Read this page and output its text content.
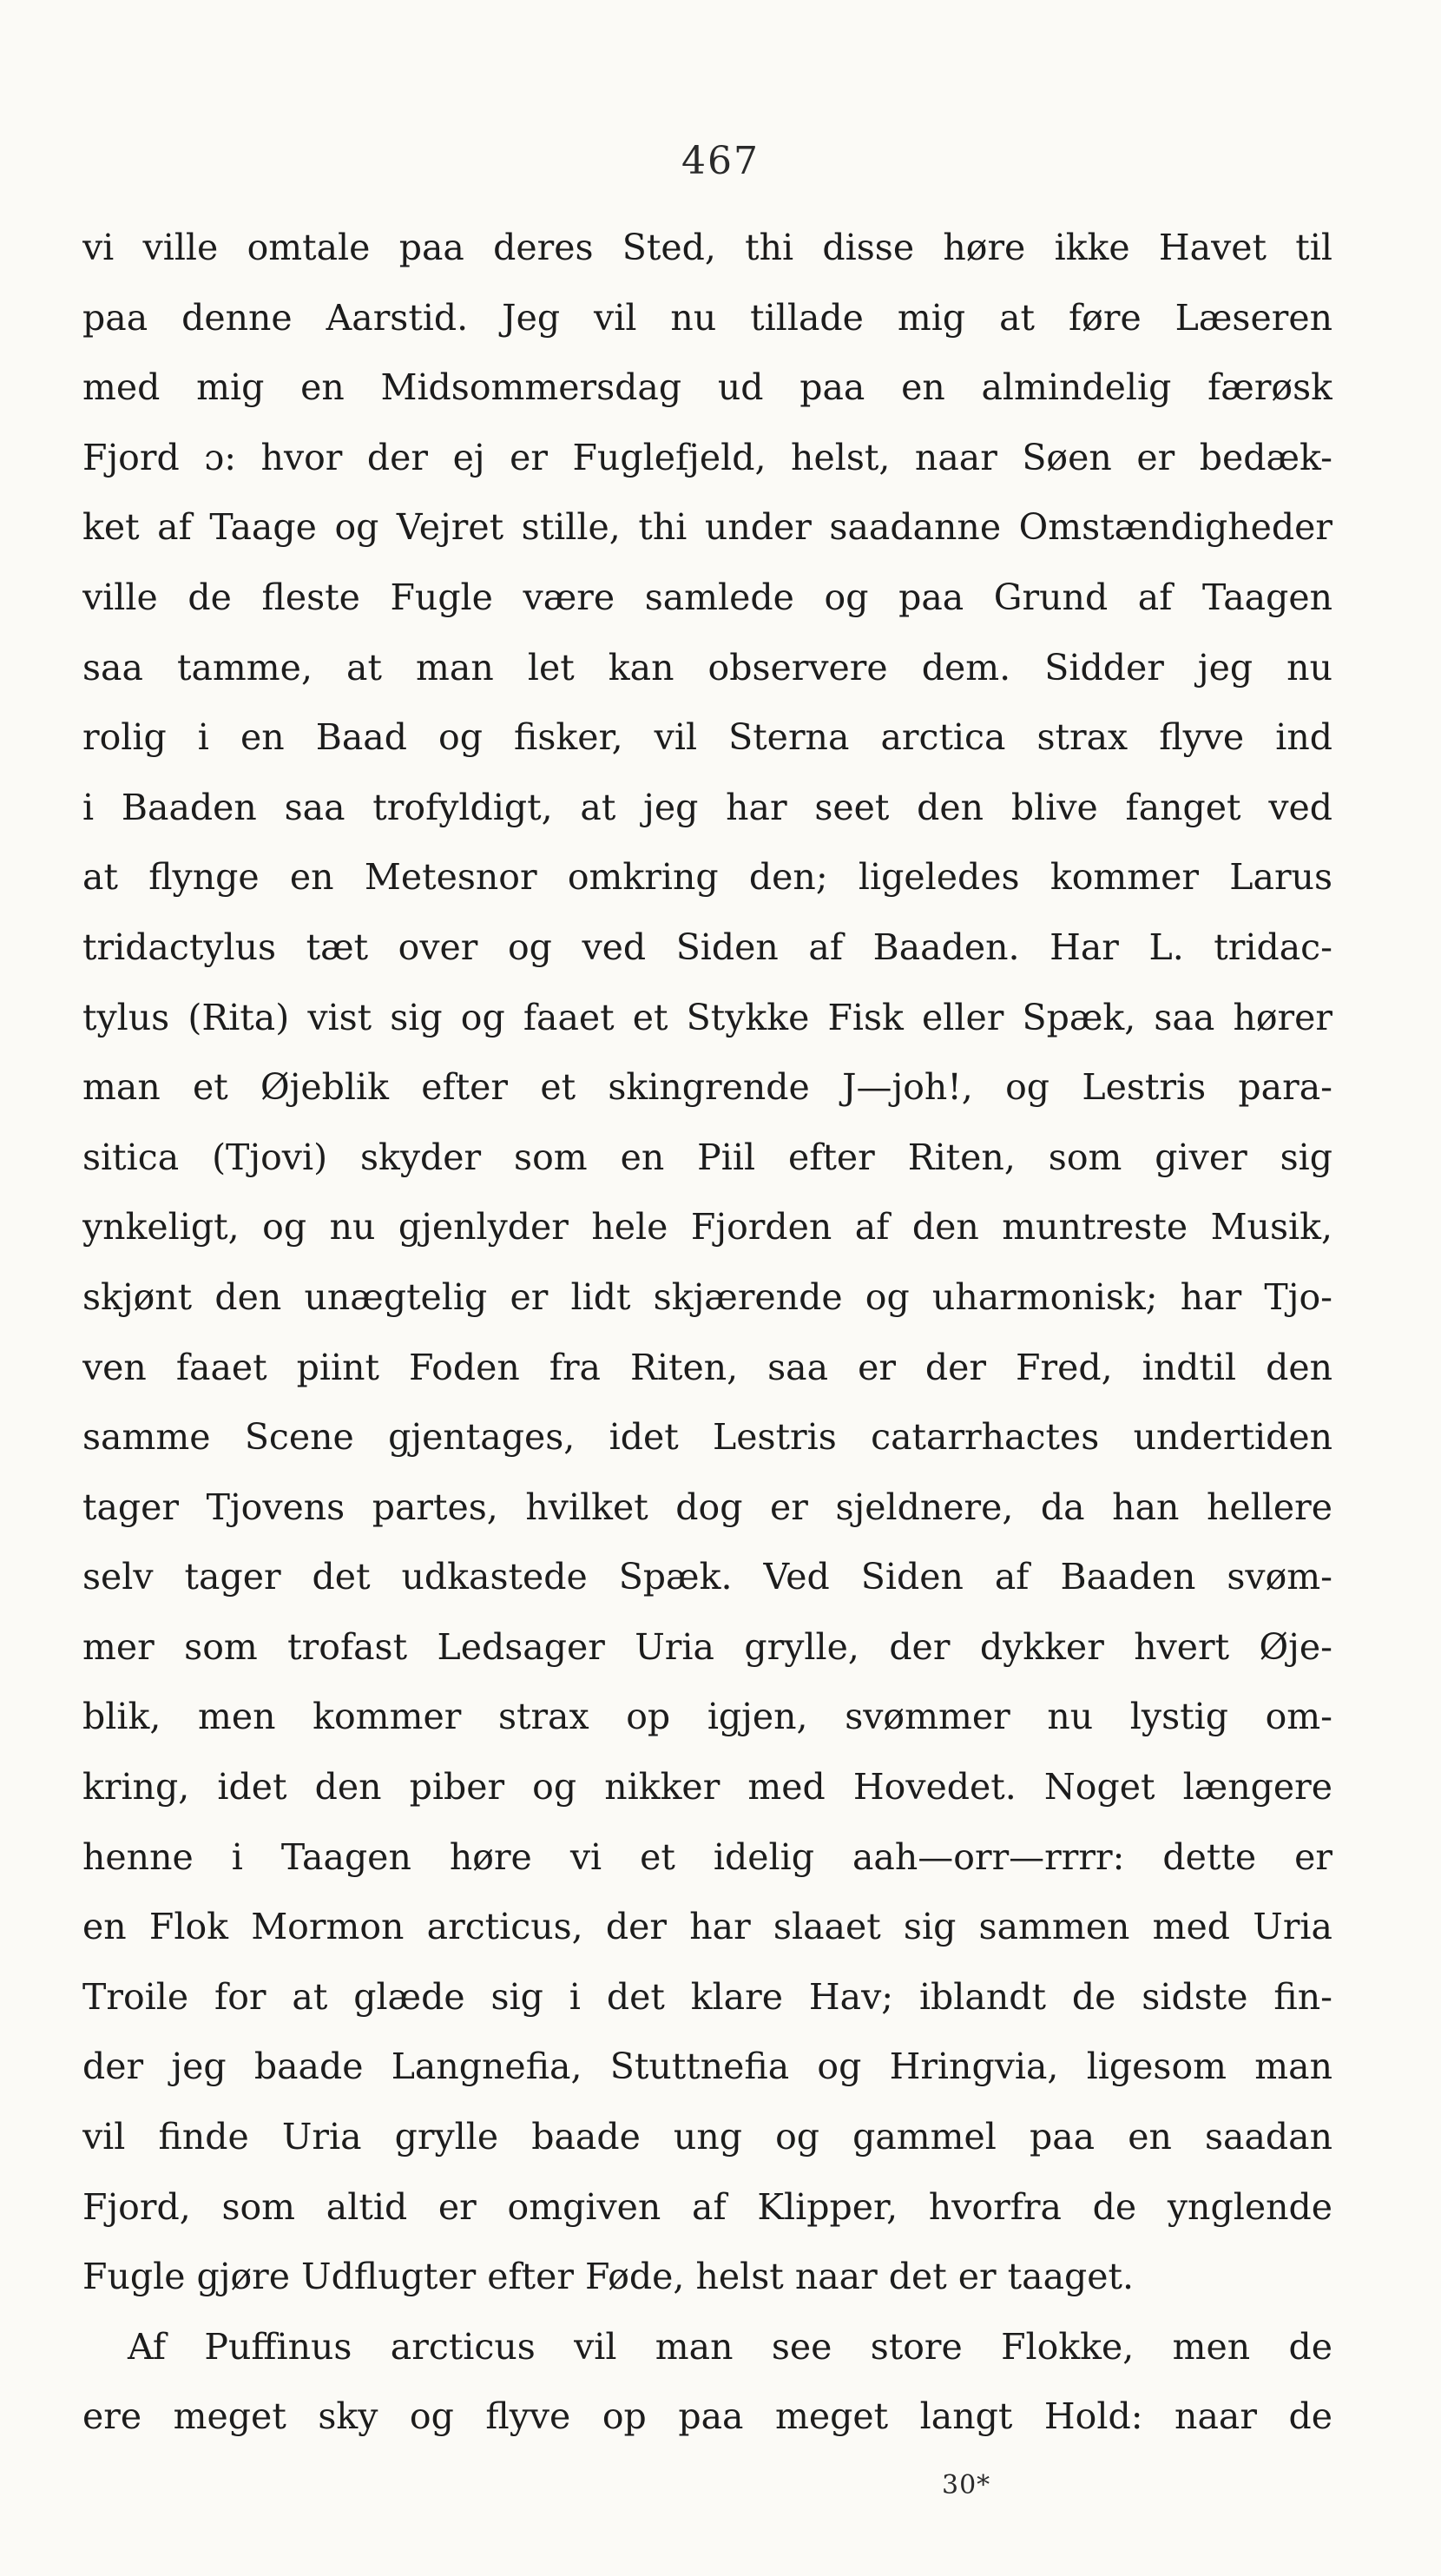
467
vi ville omtale paa deres Sted, thi disse høre ikke Havet til
paa denne Aarstid. Jeg vil nu tillade mig at føre Læseren
med mig en Midsommersdag ud paa en almindelig færøsk
Fjord ɔ: hvor der ej er Fuglefjeld, helst, naar Søen er bedæk-
ket af Taage og Vejret stille, thi under saadanne Omstændigheder
ville de fleste Fugle være samlede og paa Grund af Taagen
saa tamme, at man let kan observere dem. Sidder jeg nu
rolig i en Baad og fisker, vil Sterna arctica strax flyve ind
i Baaden saa trofyldigt, at jeg har seet den blive fanget ved
at flynge en Metesnor omkring den; ligeledes kommer Larus
tridactylus tæt over og ved Siden af Baaden. Har L. tridac-
tylus (Rita) vist sig og faaet et Stykke Fisk eller Spæk, saa hører
man et Øjeblik efter et skingrende J—joh!, og Lestris para-
sitica (Tjovi) skyder som en Piil efter Riten, som giver sig
ynkeligt, og nu gjenlyder hele Fjorden af den muntreste Musik,
skjønt den unægtelig er lidt skjærende og uharmonisk; har Tjo-
ven faaet piint Foden fra Riten, saa er der Fred, indtil den
samme Scene gjentages, idet Lestris catarrhactes undertiden
tager Tjovens partes, hvilket dog er sjeldnere, da han hellere
selv tager det udkastede Spæk. Ved Siden af Baaden svøm-
mer som trofast Ledsager Uria grylle, der dykker hvert Øje-
blik, men kommer strax op igjen, svømmer nu lystig om-
kring, idet den piber og nikker med Hovedet. Noget længere
henne i Taagen høre vi et idelig aah—orr—rrrr: dette er
en Flok Mormon arcticus, der har slaaet sig sammen med Uria
Troile for at glæde sig i det klare Hav; iblandt de sidste fin-
der jeg baade Langnefia, Stuttnefia og Hringvia, ligesom man
vil finde Uria grylle baade ung og gammel paa en saadan
Fjord, som altid er omgiven af Klipper, hvorfra de ynglende
Fugle gjøre Udflugter efter Føde, helst naar det er taaget.
Af Puffinus arcticus vil man see store Flokke, men de
ere meget sky og flyve op paa meget langt Hold: naar de
30*
